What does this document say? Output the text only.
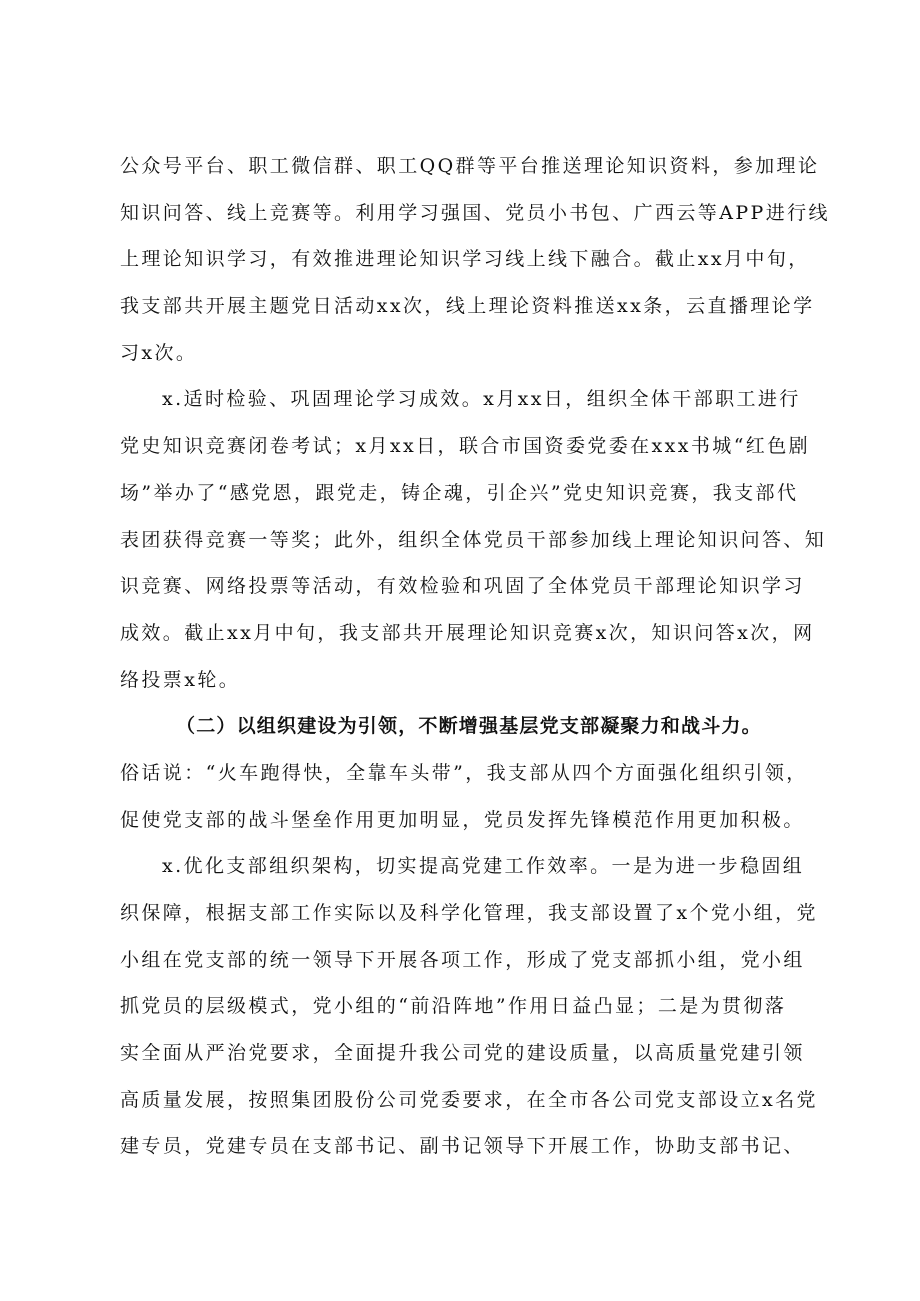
公众号平台、职工微信群、职工QQ群等平台推送理论知识资料，参加理论
知识问答、线上竞赛等。利用学习强国、党员小书包、广西云等APP进行线
上理论知识学习，有效推进理论知识学习线上线下融合。截止xx月中旬，
我支部共开展主题党日活动xx次，线上理论资料推送xx条，云直播理论学
习x次。
x.适时检验、巩固理论学习成效。x月xx日，组织全体干部职工进行
党史知识竞赛闭卷考试；x月xx日，联合市国资委党委在xxx书城“红色剧
场”举办了“感党恩，跟党走，铸企魂，引企兴”党史知识竞赛，我支部代
表团获得竞赛一等奖；此外，组织全体党员干部参加线上理论知识问答、知
识竞赛、网络投票等活动，有效检验和巩固了全体党员干部理论知识学习
成效。截止xx月中旬，我支部共开展理论知识竞赛x次，知识问答x次，网
络投票x轮。
（二）以组织建设为引领，不断增强基层党支部凝聚力和战斗力。
俗话说：“火车跑得快，全靠车头带”，我支部从四个方面强化组织引领，
促使党支部的战斗堡垒作用更加明显，党员发挥先锋模范作用更加积极。
x.优化支部组织架构，切实提高党建工作效率。一是为进一步稳固组
织保障，根据支部工作实际以及科学化管理，我支部设置了x个党小组，党
小组在党支部的统一领导下开展各项工作，形成了党支部抓小组，党小组
抓党员的层级模式，党小组的“前沿阵地”作用日益凸显；二是为贯彻落
实全面从严治党要求，全面提升我公司党的建设质量，以高质量党建引领
高质量发展，按照集团股份公司党委要求，在全市各公司党支部设立x名党
建专员，党建专员在支部书记、副书记领导下开展工作，协助支部书记、
